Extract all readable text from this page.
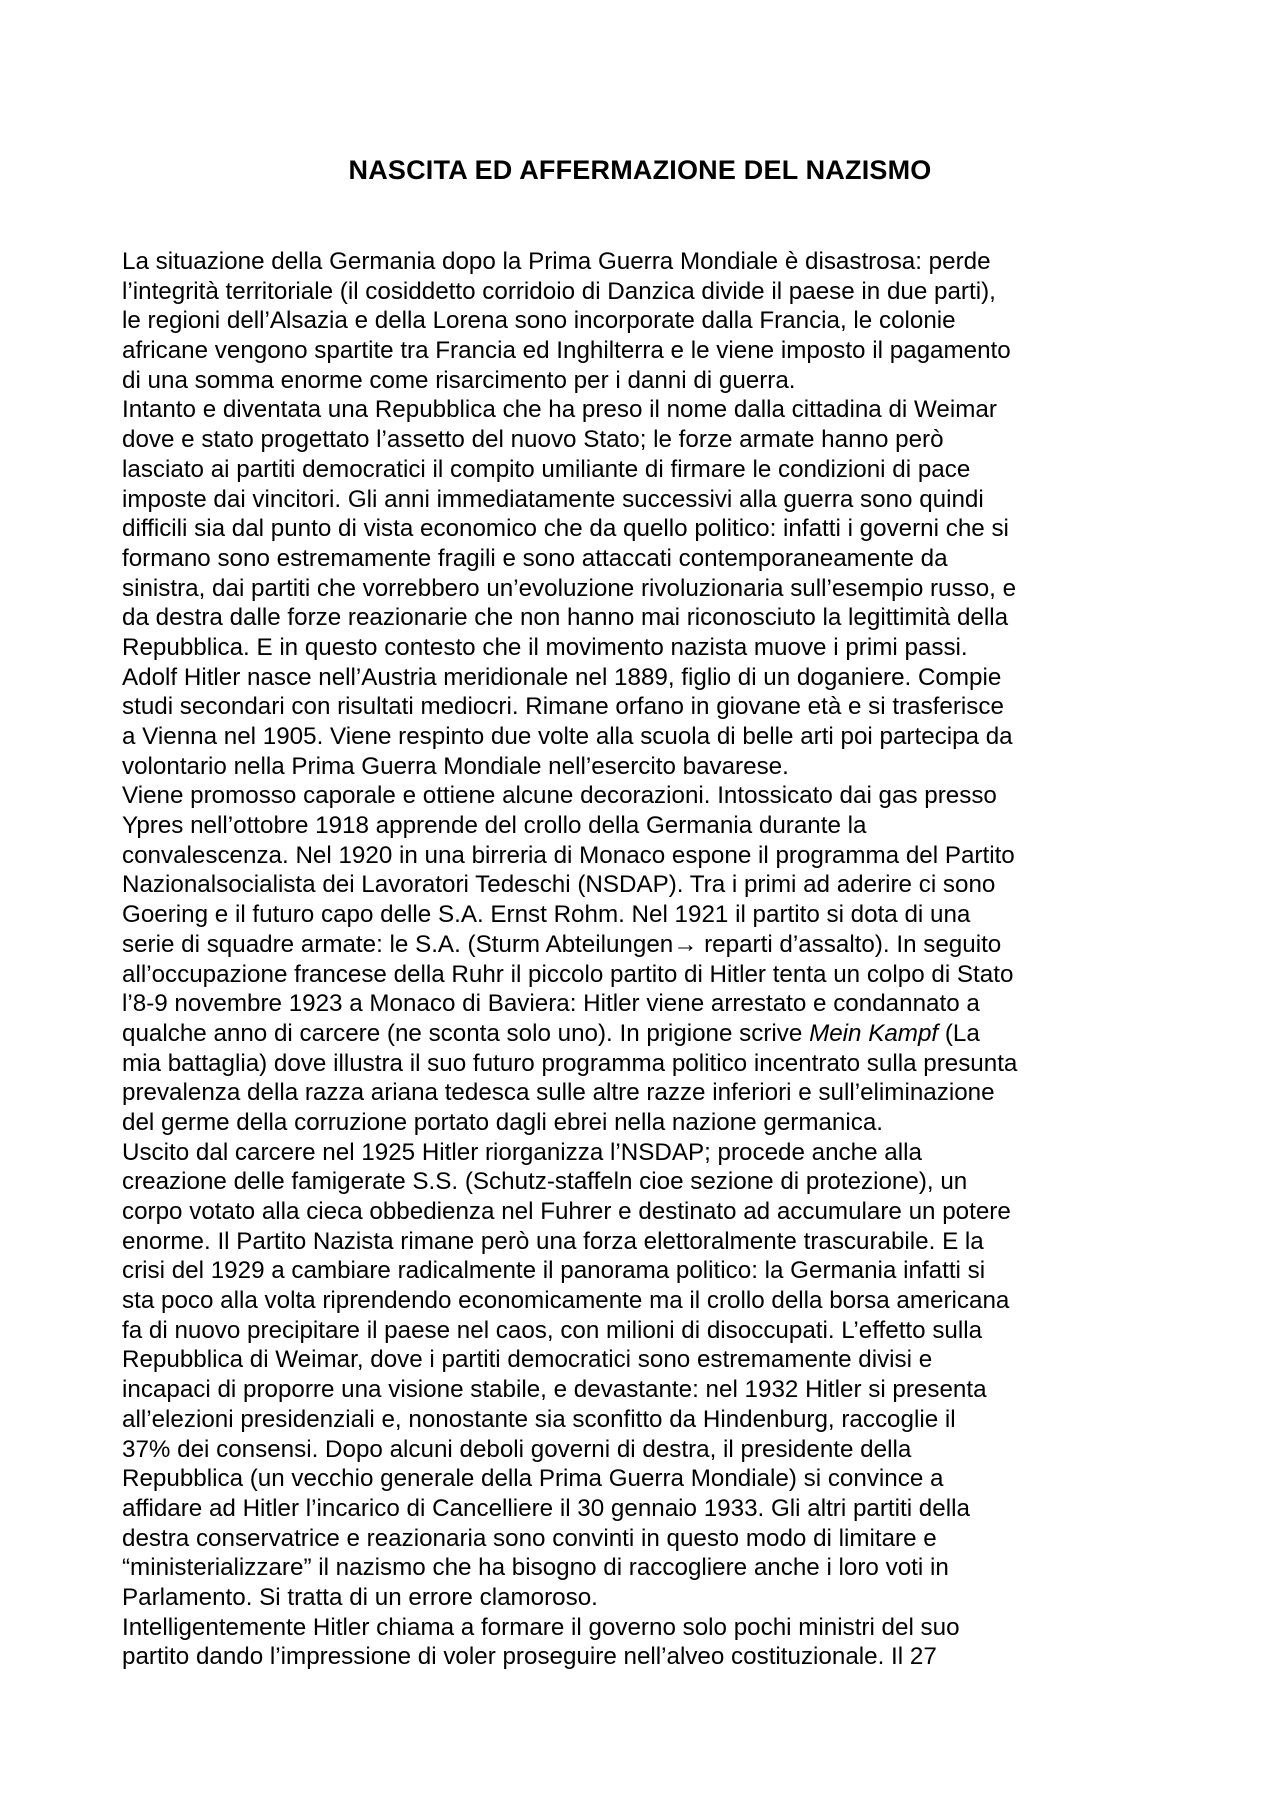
NASCITA ED AFFERMAZIONE DEL NAZISMO
La situazione della Germania dopo la Prima Guerra Mondiale è disastrosa: perde
l’integrità territoriale (il cosiddetto corridoio di Danzica divide il paese in due parti),
le regioni dell’Alsazia e della Lorena sono incorporate dalla Francia, le colonie
africane vengono spartite tra Francia ed Inghilterra e le viene imposto il pagamento
di una somma enorme come risarcimento per i danni di guerra.
Intanto e diventata una Repubblica che ha preso il nome dalla cittadina di Weimar
dove e stato progettato l’assetto del nuovo Stato; le forze armate hanno però
lasciato ai partiti democratici il compito umiliante di firmare le condizioni di pace
imposte dai vincitori. Gli anni immediatamente successivi alla guerra sono quindi
difficili sia dal punto di vista economico che da quello politico: infatti i governi che si
formano sono estremamente fragili e sono attaccati contemporaneamente da
sinistra, dai partiti che vorrebbero un’evoluzione rivoluzionaria sull’esempio russo, e
da destra dalle forze reazionarie che non hanno mai riconosciuto la legittimità della
Repubblica. E in questo contesto che il movimento nazista muove i primi passi.
Adolf Hitler nasce nell’Austria meridionale nel 1889, figlio di un doganiere. Compie
studi secondari con risultati mediocri. Rimane orfano in giovane età e si trasferisce
a Vienna nel 1905. Viene respinto due volte alla scuola di belle arti poi partecipa da
volontario nella Prima Guerra Mondiale nell’esercito bavarese.
Viene promosso caporale e ottiene alcune decorazioni. Intossicato dai gas presso
Ypres nell’ottobre 1918 apprende del crollo della Germania durante la
convalescenza. Nel 1920 in una birreria di Monaco espone il programma del Partito
Nazionalsocialista dei Lavoratori Tedeschi (NSDAP). Tra i primi ad aderire ci sono
Goering e il futuro capo delle S.A. Ernst Rohm. Nel 1921 il partito si dota di una
serie di squadre armate: le S.A. (Sturm Abteilungen→ reparti d’assalto). In seguito
all’occupazione francese della Ruhr il piccolo partito di Hitler tenta un colpo di Stato
l’8-9 novembre 1923 a Monaco di Baviera: Hitler viene arrestato e condannato a
qualche anno di carcere (ne sconta solo uno). In prigione scrive Mein Kampf (La
mia battaglia) dove illustra il suo futuro programma politico incentrato sulla presunta
prevalenza della razza ariana tedesca sulle altre razze inferiori e sull’eliminazione
del germe della corruzione portato dagli ebrei nella nazione germanica.
Uscito dal carcere nel 1925 Hitler riorganizza l’NSDAP; procede anche alla
creazione delle famigerate S.S. (Schutz-staffeln cioe sezione di protezione), un
corpo votato alla cieca obbedienza nel Fuhrer e destinato ad accumulare un potere
enorme. Il Partito Nazista rimane però una forza elettoralmente trascurabile. E la
crisi del 1929 a cambiare radicalmente il panorama politico: la Germania infatti si
sta poco alla volta riprendendo economicamente ma il crollo della borsa americana
fa di nuovo precipitare il paese nel caos, con milioni di disoccupati. L’effetto sulla
Repubblica di Weimar, dove i partiti democratici sono estremamente divisi e
incapaci di proporre una visione stabile, e devastante: nel 1932 Hitler si presenta
all’elezioni presidenziali e, nonostante sia sconfitto da Hindenburg, raccoglie il
37% dei consensi. Dopo alcuni deboli governi di destra, il presidente della
Repubblica (un vecchio generale della Prima Guerra Mondiale) si convince a
affidare ad Hitler l’incarico di Cancelliere il 30 gennaio 1933. Gli altri partiti della
destra conservatrice e reazionaria sono convinti in questo modo di limitare e
“ministerializzare” il nazismo che ha bisogno di raccogliere anche i loro voti in
Parlamento. Si tratta di un errore clamoroso.
Intelligentemente Hitler chiama a formare il governo solo pochi ministri del suo
partito dando l’impressione di voler proseguire nell’alveo costituzionale. Il 27
